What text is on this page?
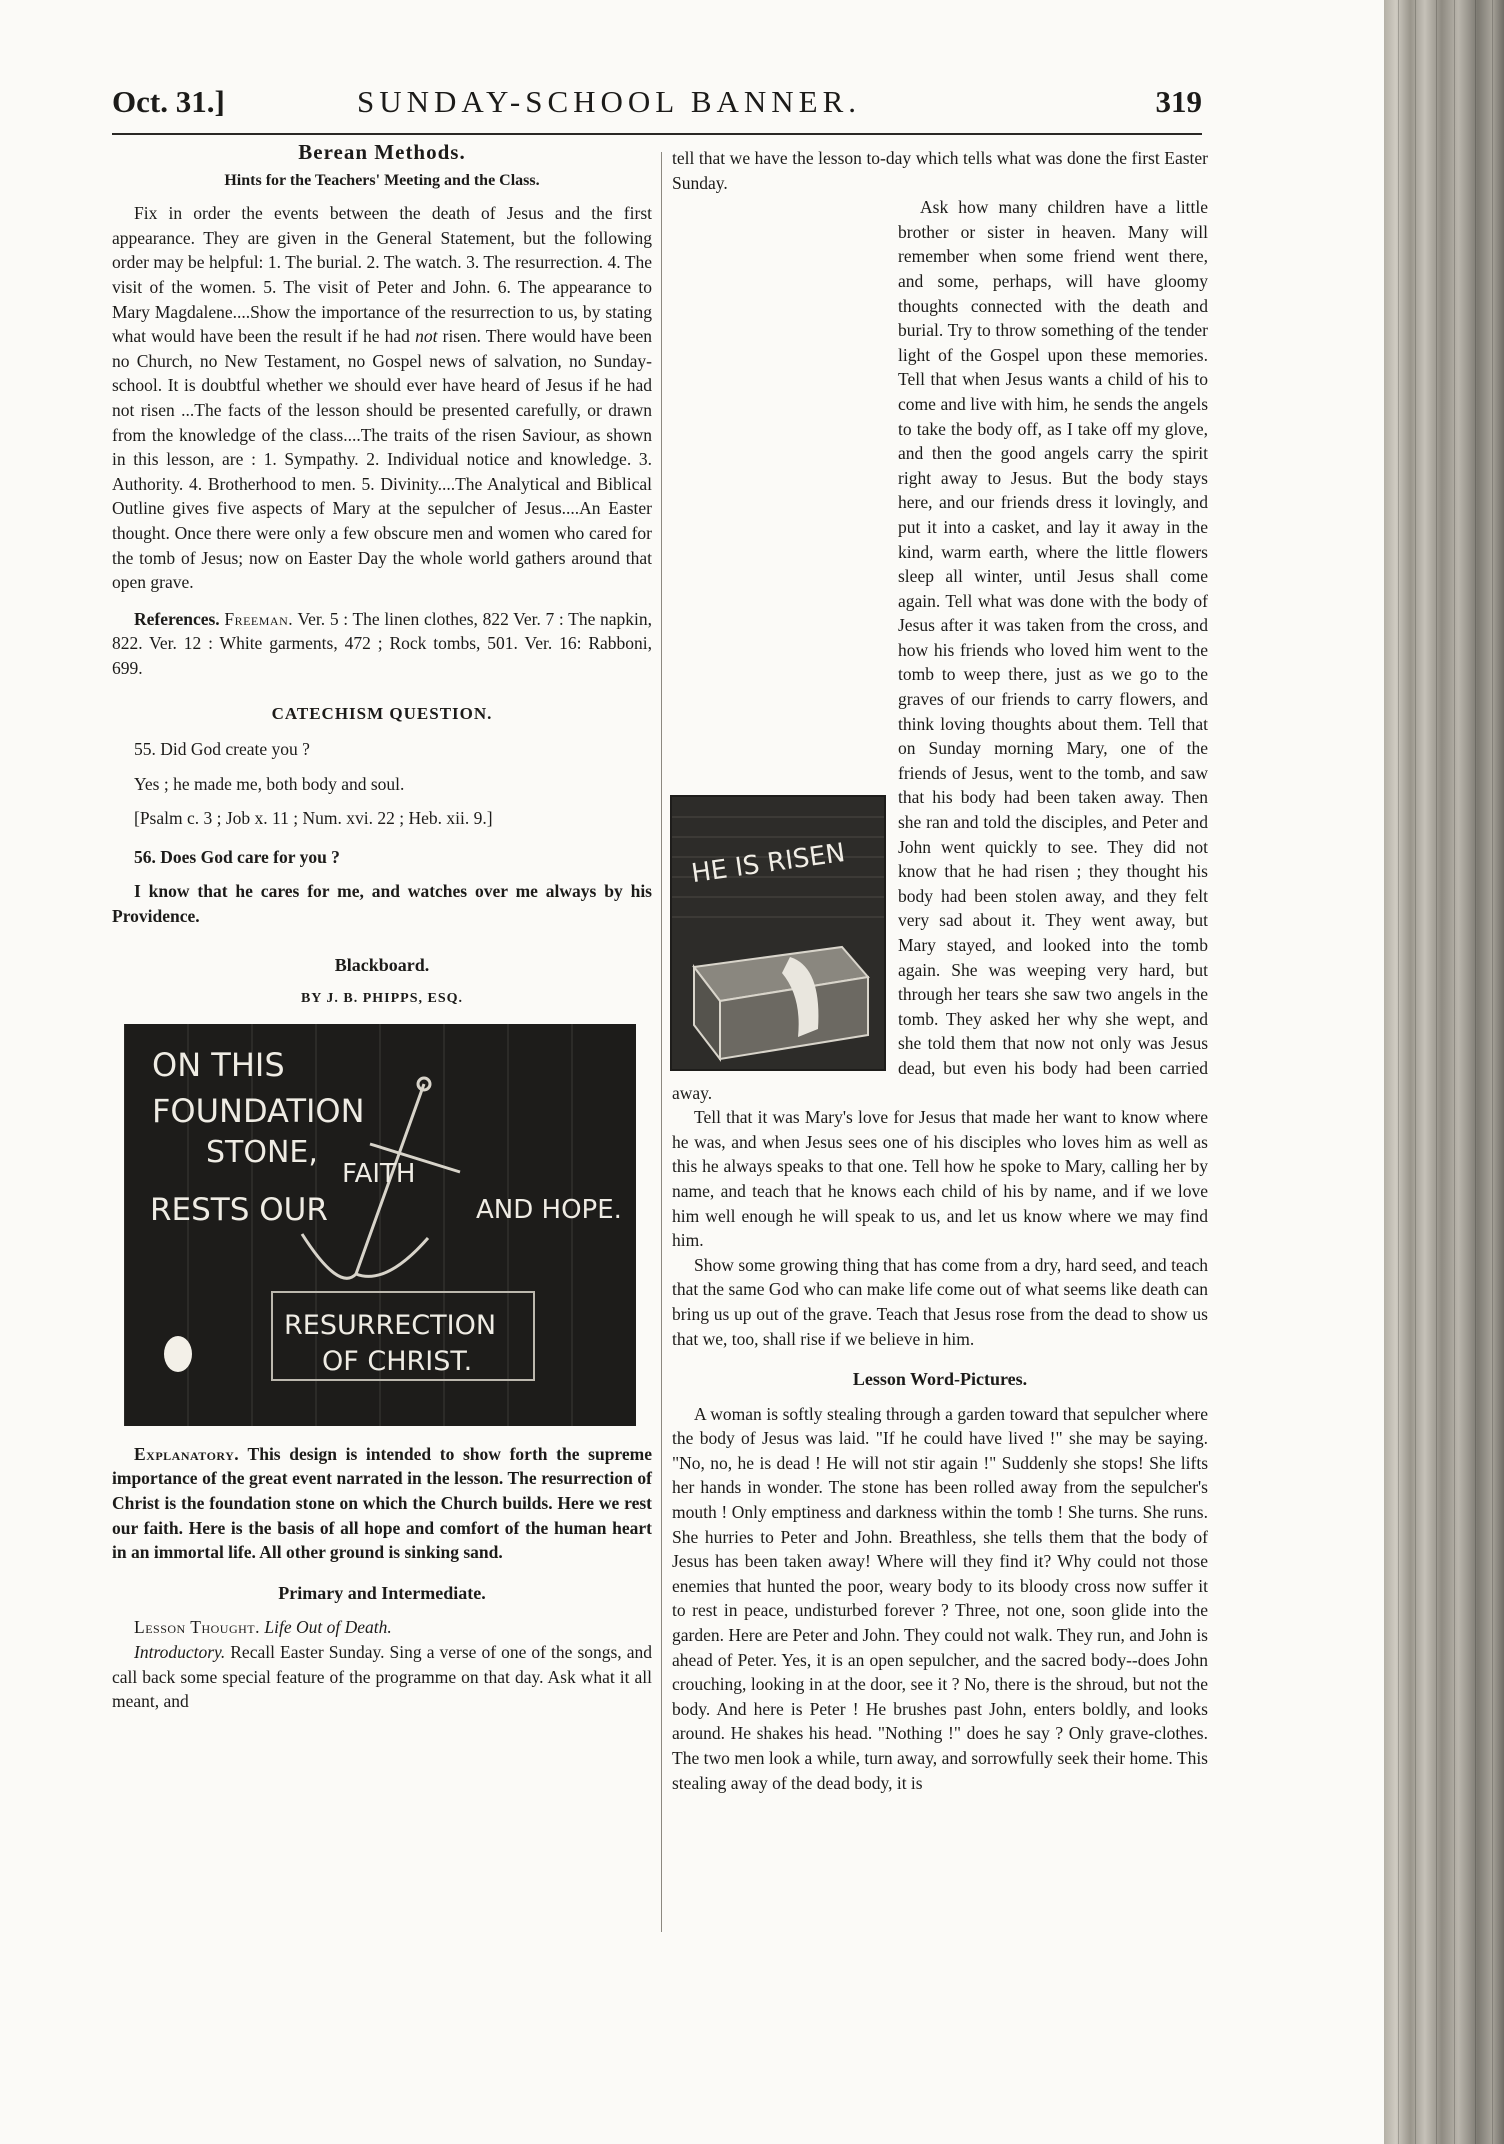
Oct. 31.]	SUNDAY-SCHOOL BANNER.	319
Berean Methods.
Hints for the Teachers' Meeting and the Class.

Fix in order the events between the death of Jesus and the first appearance. They are given in the General Statement, but the following order may be helpful: 1. The burial. 2. The watch. 3. The resurrection. 4. The visit of the women. 5. The visit of Peter and John. 6. The appearance to Mary Magdalene....Show the importance of the resurrection to us, by stating what would have been the result if he had not risen. There would have been no Church, no New Testament, no Gospel news of salvation, no Sunday-school. It is doubtful whether we should ever have heard of Jesus if he had not risen ...The facts of the lesson should be presented carefully, or drawn from the knowledge of the class....The traits of the risen Saviour, as shown in this lesson, are : 1. Sympathy. 2. Individual notice and knowledge. 3. Authority. 4. Brotherhood to men. 5. Divinity....The Analytical and Biblical Outline gives five aspects of Mary at the sepulcher of Jesus....An Easter thought. Once there were only a few obscure men and women who cared for the tomb of Jesus; now on Easter Day the whole world gathers around that open grave.

References. Freeman. Ver. 5 : The linen clothes, 822 Ver. 7 : The napkin, 822. Ver. 12 : White garments, 472 ; Rock tombs, 501. Ver. 16: Rabboni, 699.

CATECHISM QUESTION.
55. Did God create you ?
Yes ; he made me, both body and soul.
[Psalm c. 3 ; Job x. 11 ; Num. xvi. 22 ; Heb. xii. 9.]
56. Does God care for you ?

I know that he cares for me, and watches over me always by his Providence.

Blackboard.
BY J. B. PHIPPS, ESQ.
ON THIS
FOUNDATION
STONE,
RESTS OUR
FAITH
AND HOPE.
RESURRECTION
OF CHRIST.

Explanatory. This design is intended to show forth the supreme importance of the great event narrated in the lesson. The resurrection of Christ is the foundation stone on which the Church builds. Here we rest our faith. Here is the basis of all hope and comfort of the human heart in an immortal life. All other ground is sinking sand.

Primary and Intermediate.

Lesson Thought. Life Out of Death.

Introductory. Recall Easter Sunday. Sing a verse of one of the songs, and call back some special feature of the programme on that day. Ask what it all meant, and

tell that we have the lesson to-day which tells what was done the first Easter Sunday.

HE IS RISEN

Ask how many children have a little brother or sister in heaven. Many will remember when some friend went there, and some, perhaps, will have gloomy thoughts connected with the death and burial. Try to throw something of the tender light of the Gospel upon these memories. Tell that when Jesus wants a child of his to come and live with him, he sends the angels to take the body off, as I take off my glove, and then the good angels carry the spirit right away to Jesus. But the body stays here, and our friends dress it lovingly, and put it into a casket, and lay it away in the kind, warm earth, where the little flowers sleep all winter, until Jesus shall come again. Tell what was done with the body of Jesus after it was taken from the cross, and how his friends who loved him went to the tomb to weep there, just as we go to the graves of our friends to carry flowers, and think loving thoughts about them. Tell that on Sunday morning Mary, one of the friends of Jesus, went to the tomb, and saw that his body had been taken away. Then she ran and told the disciples, and Peter and John went quickly to see. They did not know that he had risen ; they thought his body had been stolen away, and they felt very sad about it. They went away, but Mary stayed, and looked into the tomb again. She was weeping very hard, but through her tears she saw two angels in the tomb. They asked her why she wept, and she told them that now not only was Jesus dead, but even his body had been carried away.

Tell that it was Mary's love for Jesus that made her want to know where he was, and when Jesus sees one of his disciples who loves him as well as this he always speaks to that one. Tell how he spoke to Mary, calling her by name, and teach that he knows each child of his by name, and if we love him well enough he will speak to us, and let us know where we may find him.

Show some growing thing that has come from a dry, hard seed, and teach that the same God who can make life come out of what seems like death can bring us up out of the grave. Teach that Jesus rose from the dead to show us that we, too, shall rise if we believe in him.

Lesson Word-Pictures.

A woman is softly stealing through a garden toward that sepulcher where the body of Jesus was laid. "If he could have lived !" she may be saying. "No, no, he is dead ! He will not stir again !" Suddenly she stops! She lifts her hands in wonder. The stone has been rolled away from the sepulcher's mouth ! Only emptiness and darkness within the tomb ! She turns. She runs. She hurries to Peter and John. Breathless, she tells them that the body of Jesus has been taken away! Where will they find it? Why could not those enemies that hunted the poor, weary body to its bloody cross now suffer it to rest in peace, undisturbed forever ? Three, not one, soon glide into the garden. Here are Peter and John. They could not walk. They run, and John is ahead of Peter. Yes, it is an open sepulcher, and the sacred body--does John crouching, looking in at the door, see it ? No, there is the shroud, but not the body. And here is Peter ! He brushes past John, enters boldly, and looks around. He shakes his head. "Nothing !" does he say ? Only grave-clothes. The two men look a while, turn away, and sorrowfully seek their home. This stealing away of the dead body, it is
